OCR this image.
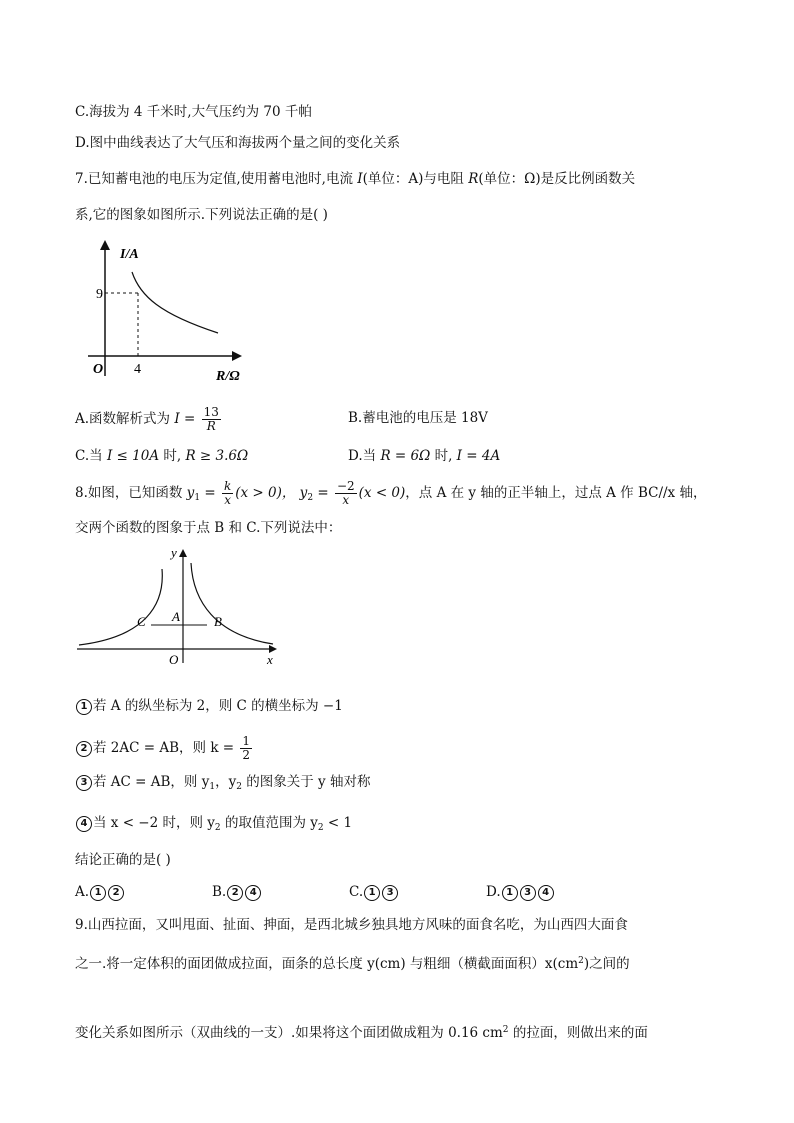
C.海拔为 4 千米时,大气压约为 70 千帕
D.图中曲线表达了大气压和海拔两个量之间的变化关系
7.已知蓄电池的电压为定值,使用蓄电池时,电流 I(单位：A)与电阻 R(单位：Ω)是反比例函数关
系,它的图象如图所示.下列说法正确的是( )
I/A
O
9
4	R/Ω
A.函数解析式为 $I = \frac{13}{R}$	B.蓄电池的电压是 18V
C.当 I ≤ 10A 时, R ≥ 3.6Ω	D.当 R = 6Ω 时, I = 4A
8.如图，已知函数 $y_1 = \frac{k}{x} (x > 0)$， $y_2 = \frac{-2}{x} (x < 0)$，点 A 在 y 轴的正半轴上，过点 A 作 BC//x 轴，
交两个函数的图象于点 B 和 C.下列说法中：
y
x
O
A	B
C
1 若 A 的纵坐标为 2，则 C 的横坐标为 −1
2 若 2AC = AB，则 $k = \frac{1}{2}$
3 若 AC = AB，则 $y_1$，$y_2$ 的图象关于 y 轴对称
4 当 x < −2 时，则 $y_2$ 的取值范围为 $y_2 < 1$
结论正确的是( )
A. 1 2	B. 2 4	C. 1 3	D. 1 3 4
9.山西拉面，又叫甩面、扯面、抻面，是西北城乡独具地方风味的面食名吃，为山西四大面食
之一.将一定体积的面团做成拉面，面条的总长度 y(cm) 与粗细（横截面面积）$x(cm^2)$之间的
变化关系如图所示（双曲线的一支）.如果将这个面团做成粗为 0.16 $cm^2$ 的拉面，则做出来的面
